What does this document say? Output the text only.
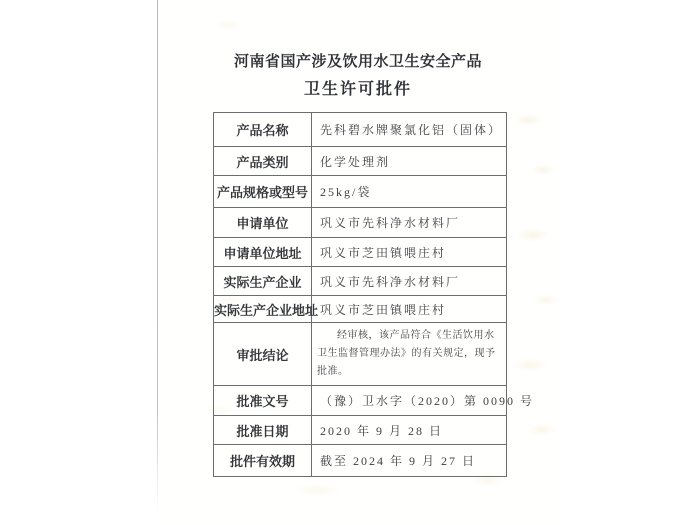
河南省国产涉及饮用水卫生安全产品
卫生许可批件
产品名称	先科碧水牌聚氯化铝（固体）
产品类别	化学处理剂
产品规格或型号	25kg/袋
申请单位	巩义市先科净水材料厂
申请单位地址	巩义市芝田镇喂庄村
实际生产企业	巩义市先科净水材料厂
实际生产企业地址	巩义市芝田镇喂庄村
审批结论	经审核，该产品符合《生活饮用水卫生监督管理办法》的有关规定，现予批准。
批准文号	（豫）卫水字（2020）第 0090 号
批准日期	2020 年 9 月 28 日
批件有效期	截至 2024 年 9 月 27 日
